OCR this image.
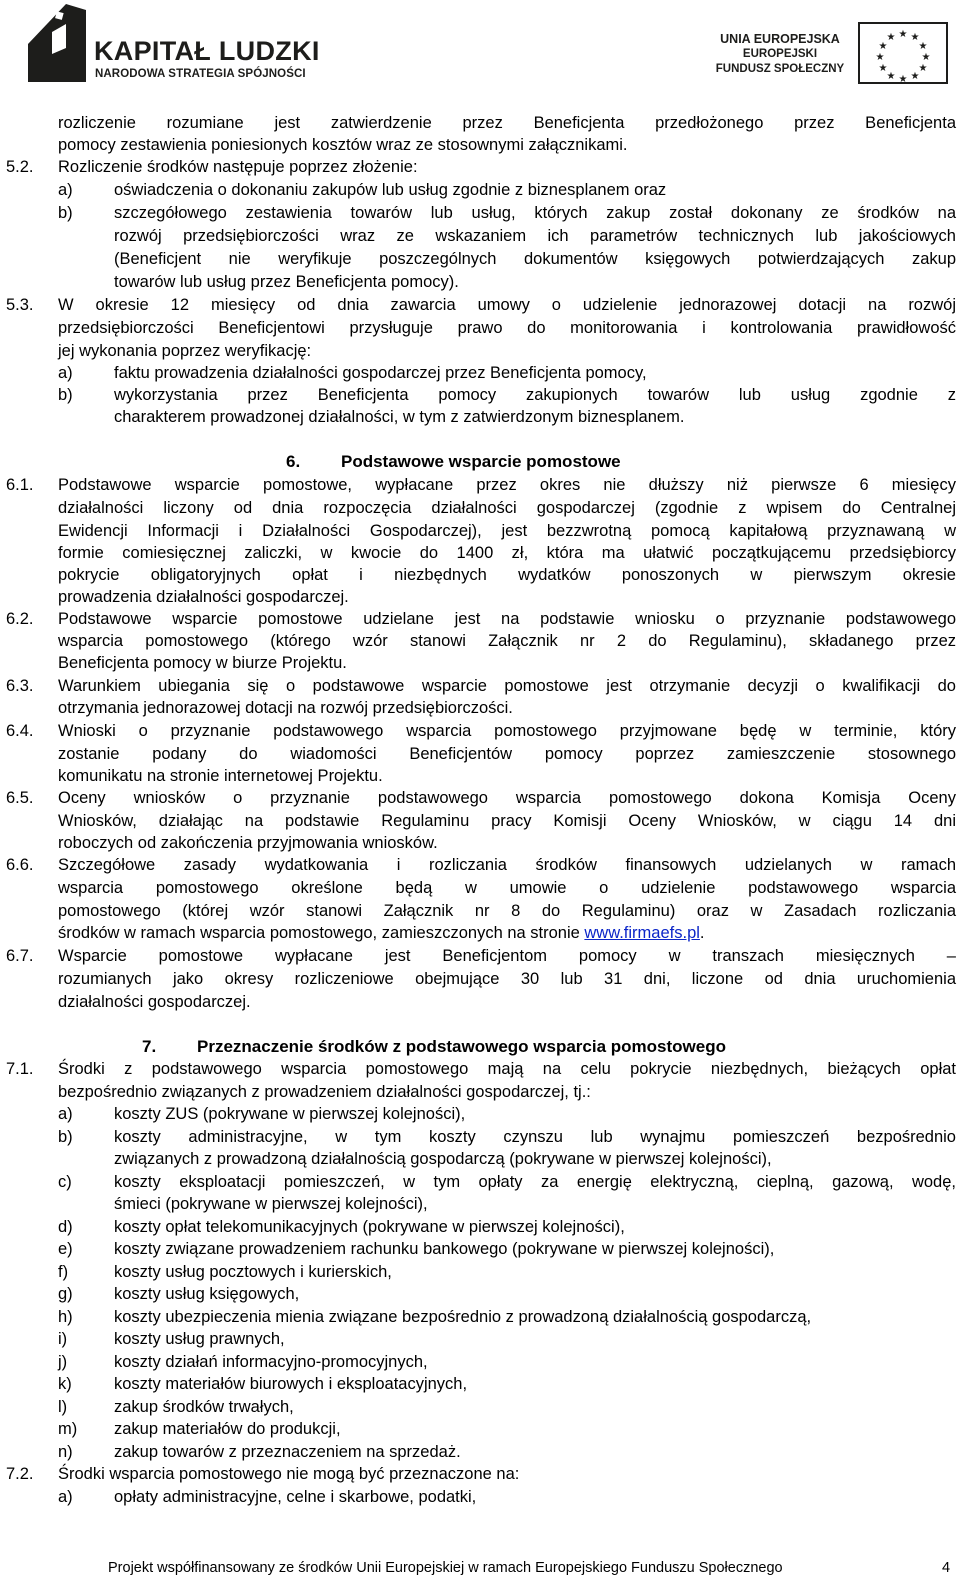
KAPITAŁ LUDZKI
NARODOWA STRATEGIA SPÓJNOŚCI
UNIA EUROPEJSKA
EUROPEJSKI
FUNDUSZ SPOŁECZNY
★ ★
★
★
★
★
★
★
★
★
★
★
rozliczenie rozumiane jest zatwierdzenie przez Beneficjenta przedłożonego przez Beneficjenta
pomocy zestawienia poniesionych kosztów wraz ze stosownymi załącznikami.
5.2. Rozliczenie środków następuje poprzez złożenie:
a)	oświadczenia o dokonaniu zakupów lub usług zgodnie z biznesplanem oraz
b)	szczegółowego zestawienia towarów lub usług, których zakup został dokonany ze środków na
rozwój przedsiębiorczości wraz ze wskazaniem ich parametrów technicznych lub jakościowych
(Beneficjent nie weryfikuje poszczególnych dokumentów księgowych potwierdzających zakup
towarów lub usług przez Beneficjenta pomocy).
5.3. W okresie 12 miesięcy od dnia zawarcia umowy o udzielenie jednorazowej dotacji na rozwój
przedsiębiorczości Beneficjentowi przysługuje prawo do monitorowania i kontrolowania prawidłowość
jej wykonania poprzez weryfikację:
a)	faktu prowadzenia działalności gospodarczej przez Beneficjenta pomocy,
b)	wykorzystania przez Beneficjenta pomocy zakupionych towarów lub usług zgodnie z
charakterem prowadzonej działalności, w tym z zatwierdzonym biznesplanem.
6. Podstawowe wsparcie pomostowe
6.1. Podstawowe wsparcie pomostowe, wypłacane przez okres nie dłuższy niż pierwsze 6 miesięcy
działalności liczony od dnia rozpoczęcia działalności gospodarczej (zgodnie z wpisem do Centralnej
Ewidencji Informacji i Działalności Gospodarczej), jest bezzwrotną pomocą kapitałową przyznawaną w
formie comiesięcznej zaliczki, w kwocie do 1400 zł, która ma ułatwić początkującemu przedsiębiorcy
pokrycie obligatoryjnych opłat i niezbędnych wydatków ponoszonych w pierwszym okresie
prowadzenia działalności gospodarczej.
6.2. Podstawowe wsparcie pomostowe udzielane jest na podstawie wniosku o przyznanie podstawowego
wsparcia pomostowego (którego wzór stanowi Załącznik nr 2 do Regulaminu), składanego przez
Beneficjenta pomocy w biurze Projektu.
6.3. Warunkiem ubiegania się o podstawowe wsparcie pomostowe jest otrzymanie decyzji o kwalifikacji do
otrzymania jednorazowej dotacji na rozwój przedsiębiorczości.
6.4. Wnioski o przyznanie podstawowego wsparcia pomostowego przyjmowane będę w terminie, który
zostanie podany do wiadomości Beneficjentów pomocy poprzez zamieszczenie stosownego
komunikatu na stronie internetowej Projektu.
6.5. Oceny wniosków o przyznanie podstawowego wsparcia pomostowego dokona Komisja Oceny
Wniosków, działając na podstawie Regulaminu pracy Komisji Oceny Wniosków, w ciągu 14 dni
roboczych od zakończenia przyjmowania wniosków.
6.6. Szczegółowe zasady wydatkowania i rozliczania środków finansowych udzielanych w ramach
wsparcia pomostowego określone będą w umowie o udzielenie podstawowego wsparcia
pomostowego (której wzór stanowi Załącznik nr 8 do Regulaminu) oraz w Zasadach rozliczania
środków w ramach wsparcia pomostowego, zamieszczonych na stronie www.firmaefs.pl.
6.7. Wsparcie pomostowe wypłacane jest Beneficjentom pomocy w transzach miesięcznych –
rozumianych jako okresy rozliczeniowe obejmujące 30 lub 31 dni, liczone od dnia uruchomienia
działalności gospodarczej.
7. Przeznaczenie środków z podstawowego wsparcia pomostowego
7.1. Środki z podstawowego wsparcia pomostowego mają na celu pokrycie niezbędnych, bieżących opłat
bezpośrednio związanych z prowadzeniem działalności gospodarczej, tj.:
a)	koszty ZUS (pokrywane w pierwszej kolejności),
b)	koszty administracyjne, w tym koszty czynszu lub wynajmu pomieszczeń bezpośrednio
związanych z prowadzoną działalnością gospodarczą (pokrywane w pierwszej kolejności),
c)	koszty eksploatacji pomieszczeń, w tym opłaty za energię elektryczną, cieplną, gazową, wodę,
śmieci (pokrywane w pierwszej kolejności),
d)	koszty opłat telekomunikacyjnych (pokrywane w pierwszej kolejności),
e)	koszty związane prowadzeniem rachunku bankowego (pokrywane w pierwszej kolejności),
f)	koszty usług pocztowych i kurierskich,
g)	koszty usług księgowych,
h)	koszty ubezpieczenia mienia związane bezpośrednio z prowadzoną działalnością gospodarczą,
i)	koszty usług prawnych,
j)	koszty działań informacyjno-promocyjnych,
k)	koszty materiałów biurowych i eksploatacyjnych,
l)	zakup środków trwałych,
m) zakup materiałów do produkcji,
n)	zakup towarów z przeznaczeniem na sprzedaż.
7.2. Środki wsparcia pomostowego nie mogą być przeznaczone na:
a)	opłaty administracyjne, celne i skarbowe, podatki,
Projekt współfinansowany ze środków Unii Europejskiej w ramach Europejskiego Funduszu Społecznego	4
